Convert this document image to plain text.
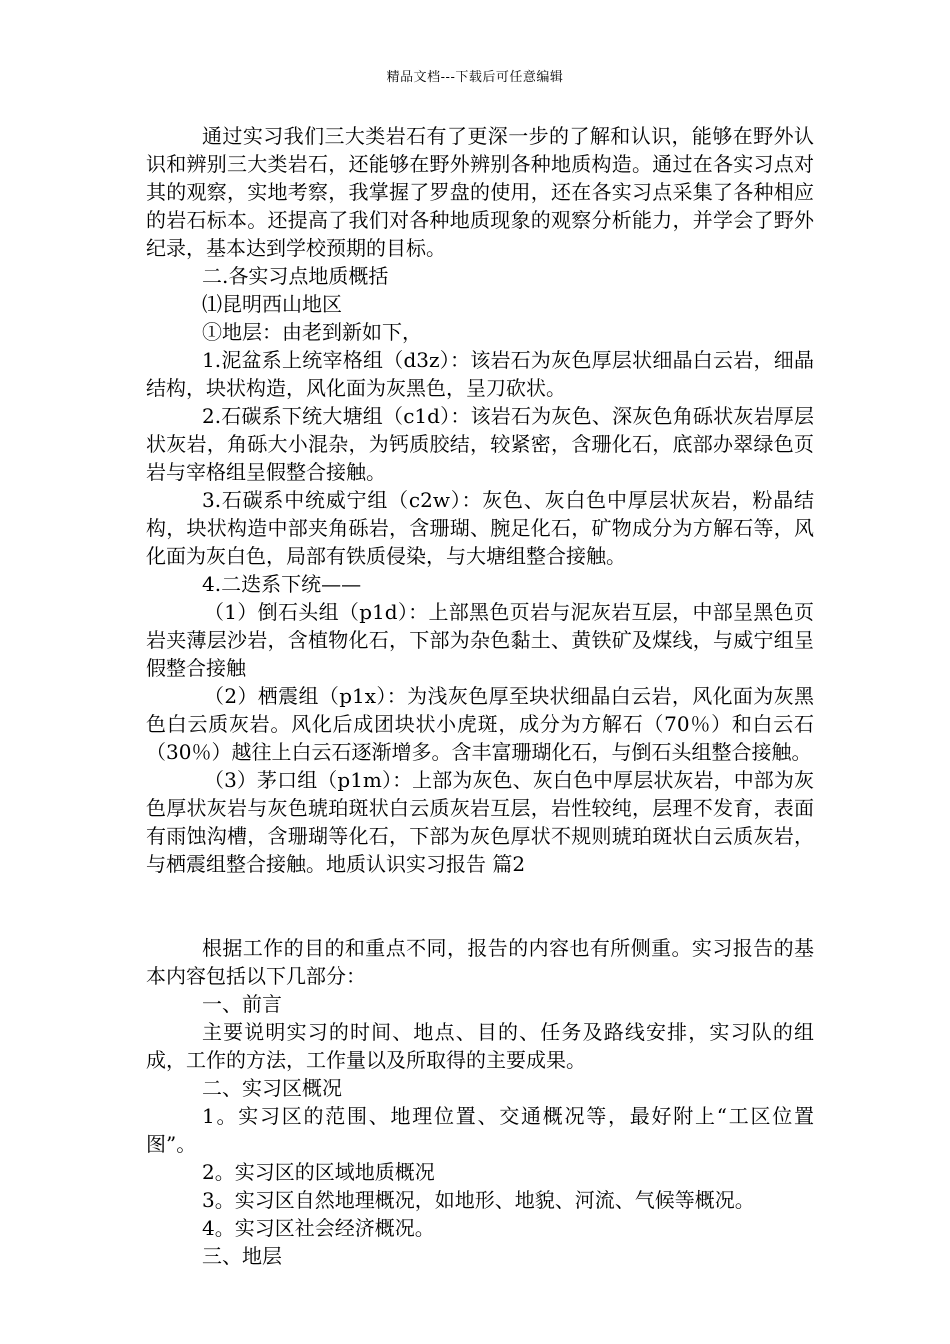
精品文档---下载后可任意编辑

通过实习我们三大类岩石有了更深一步的了解和认识，能够在野外认识和辨别三大类岩石，还能够在野外辨别各种地质构造。通过在各实习点对其的观察，实地考察，我掌握了罗盘的使用，还在各实习点采集了各种相应的岩石标本。还提高了我们对各种地质现象的观察分析能力，并学会了野外纪录，基本达到学校预期的目标。

二.各实习点地质概括

⑴昆明西山地区

①地层：由老到新如下，

1.泥盆系上统宰格组（d3z）：该岩石为灰色厚层状细晶白云岩，细晶结构，块状构造，风化面为灰黑色，呈刀砍状。

2.石碳系下统大塘组（c1d）：该岩石为灰色、深灰色角砾状灰岩厚层状灰岩，角砾大小混杂，为钙质胶结，较紧密，含珊化石，底部办翠绿色页岩与宰格组呈假整合接触。

3.石碳系中统威宁组（c2w）：灰色、灰白色中厚层状灰岩，粉晶结构，块状构造中部夹角砾岩，含珊瑚、腕足化石，矿物成分为方解石等，风化面为灰白色，局部有铁质侵染，与大塘组整合接触。

4.二迭系下统——

（1）倒石头组（p1d）：上部黑色页岩与泥灰岩互层，中部呈黑色页岩夹薄层沙岩，含植物化石，下部为杂色黏土、黄铁矿及煤线，与威宁组呈假整合接触

（2）栖震组（p1x）：为浅灰色厚至块状细晶白云岩，风化面为灰黑色白云质灰岩。风化后成团块状小虎斑，成分为方解石（70％）和白云石（30％）越往上白云石逐渐增多。含丰富珊瑚化石，与倒石头组整合接触。

（3）茅口组（p1m）：上部为灰色、灰白色中厚层状灰岩，中部为灰色厚状灰岩与灰色琥珀斑状白云质灰岩互层，岩性较纯，层理不发育，表面有雨蚀沟槽，含珊瑚等化石，下部为灰色厚状不规则琥珀斑状白云质灰岩，与栖震组整合接触。地质认识实习报告 篇2

根据工作的目的和重点不同，报告的内容也有所侧重。实习报告的基本内容包括以下几部分：

一、前言

主要说明实习的时间、地点、目的、任务及路线安排，实习队的组成，工作的方法，工作量以及所取得的主要成果。

二、实习区概况

1。实习区的范围、地理位置、交通概况等，最好附上“工区位置图”。

2。实习区的区域地质概况

3。实习区自然地理概况，如地形、地貌、河流、气候等概况。

4。实习区社会经济概况。

三、地层
